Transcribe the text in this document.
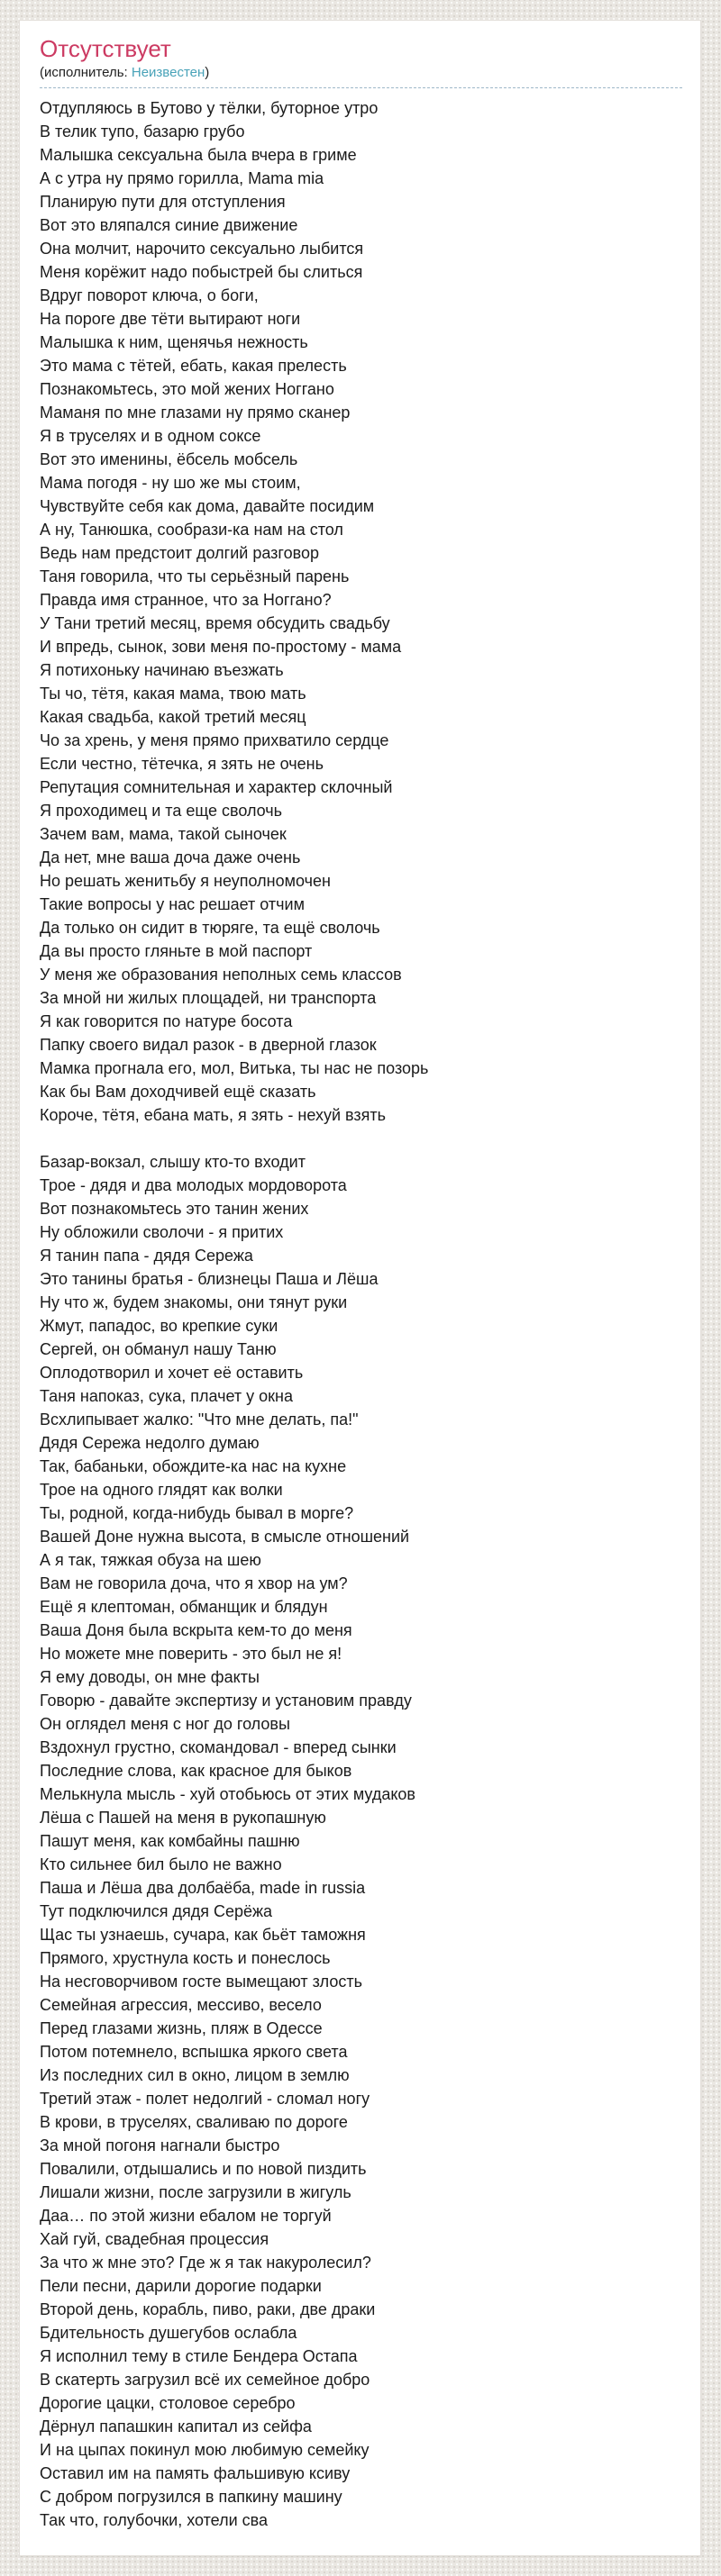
Отсутствует
(исполнитель: Неизвестен)
Отдупляюсь в Бутово у тёлки, буторное утро
В телик тупо, базарю грубо
Малышка сексуальна была вчера в гриме
А с утра ну прямо горилла, Mama mia
Планирую пути для отступления
Вот это вляпался синие движение
Она молчит, нарочито сексуально лыбится
Меня корёжит надо побыстрей бы слиться
Вдруг поворот ключа, о боги,
На пороге две тёти вытирают ноги
Малышка к ним, щенячья нежность
Это мама с тётей, ебать, какая прелесть
Познакомьтесь, это мой жених Ноггано
Маманя по мне глазами ну прямо сканер
Я в труселях и в одном соксе
Вот это именины, ёбсель мобсель
Мама погодя - ну шо же мы стоим,
Чувствуйте себя как дома, давайте посидим
А ну, Танюшка, сообрази-ка нам на стол
Ведь нам предстоит долгий разговор
Таня говорила, что ты серьёзный парень
Правда имя странное, что за Ноггано?
У Тани третий месяц, время обсудить свадьбу
И впредь, сынок, зови меня по-простому - мама
Я потихоньку начинаю въезжать
Ты чо, тётя, какая мама, твою мать
Какая свадьба, какой третий месяц
Чо за хрень, у меня прямо прихватило сердце
Если честно, тётечка, я зять не очень
Репутация сомнительная и характер склочный
Я проходимец и та еще сволочь
Зачем вам, мама, такой сыночек
Да нет, мне ваша доча даже очень
Но решать женитьбу я неуполномочен
Такие вопросы у нас решает отчим
Да только он сидит в тюряге, та ещё сволочь
Да вы просто гляньте в мой паспорт
У меня же образования неполных семь классов
За мной ни жилых площадей, ни транспорта
Я как говорится по натуре босота
Папку своего видал разок - в дверной глазок
Мамка прогнала его, мол, Витька, ты нас не позорь
Как бы Вам доходчивей ещё сказать
Короче, тётя, ебана мать, я зять - нехуй взять
Базар-вокзал, слышу кто-то входит
Трое - дядя и два молодых мордоворота
Вот познакомьтесь это танин жених
Ну обложили сволочи - я притих
Я танин папа - дядя Сережа
Это танины братья - близнецы Паша и Лёша
Ну что ж, будем знакомы, они тянут руки
Жмут, пападос, во крепкие суки
Сергей, он обманул нашу Таню
Оплодотворил и хочет её оставить
Таня напоказ, сука, плачет у окна
Всхлипывает жалко: "Что мне делать, па!"
Дядя Сережа недолго думаю
Так, бабаньки, обождите-ка нас на кухне
Трое на одного глядят как волки
Ты, родной, когда-нибудь бывал в морге?
Вашей Доне нужна высота, в смысле отношений
А я так, тяжкая обуза на шею
Вам не говорила доча, что я хвор на ум?
Ещё я клептоман, обманщик и блядун
Ваша Доня была вскрыта кем-то до меня
Но можете мне поверить - это был не я!
Я ему доводы, он мне факты
Говорю - давайте экспертизу и установим правду
Он оглядел меня с ног до головы
Вздохнул грустно, скомандовал - вперед сынки
Последние слова, как красное для быков
Мелькнула мысль - хуй отобьюсь от этих мудаков
Лёша с Пашей на меня в рукопашную
Пашут меня, как комбайны пашню
Кто сильнее бил было не важно
Паша и Лёша два долбаёба, made in russia
Тут подключился дядя Серёжа
Щас ты узнаешь, сучара, как бьёт таможня
Прямого, хрустнула кость и понеслось
На несговорчивом госте вымещают злость
Семейная агрессия, мессиво, весело
Перед глазами жизнь, пляж в Одессе
Потом потемнело, вспышка яркого света
Из последних сил в окно, лицом в землю
Третий этаж - полет недолгий - сломал ногу
В крови, в труселях, сваливаю по дороге
За мной погоня нагнали быстро
Повалили, отдышались и по новой пиздить
Лишали жизни, после загрузили в жигуль
Даа… по этой жизни ебалом не торгуй
Хай гуй, свадебная процессия
За что ж мне это? Где ж я так накуролесил?
Пели песни, дарили дорогие подарки
Второй день, корабль, пиво, раки, две драки
Бдительность душегубов ослабла
Я исполнил тему в стиле Бендера Остапа
В скатерть загрузил всё их семейное добро
Дорогие цацки, столовое серебро
Дёрнул папашкин капитал из сейфа
И на цыпах покинул мою любимую семейку
Оставил им на память фальшивую ксиву
С добром погрузился в папкину машину
Так что, голубочки, хотели сва
